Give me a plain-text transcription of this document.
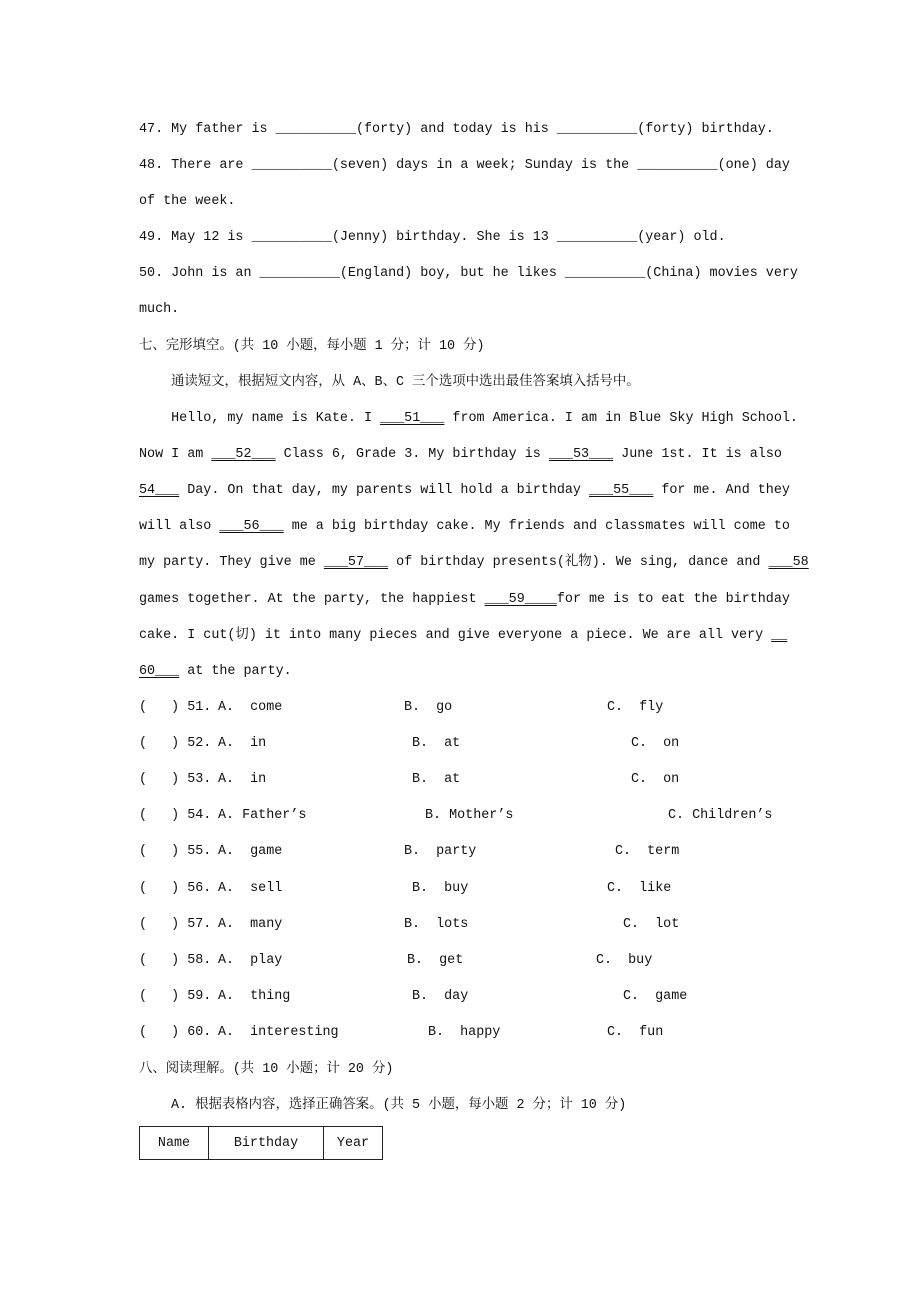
47. My father is __________(forty) and today is his __________(forty) birthday.
48. There are __________(seven) days in a week; Sunday is the __________(one) day
of the week.
49. May 12 is __________(Jenny) birthday. She is 13 __________(year) old.
50. John is an __________(England) boy, but he likes __________(China) movies very
much.
七、完形填空。(共 10 小题，每小题 1 分；计 10 分)
通读短文，根据短文内容，从 A、B、C 三个选项中选出最佳答案填入括号中。
Hello, my name is Kate. I ___51___ from America. I am in Blue Sky High School.
Now I am ___52___ Class 6, Grade 3. My birthday is ___53___ June 1st. It is also
54___ Day. On that day, my parents will hold a birthday ___55___ for me. And they
will also ___56___ me a big birthday cake. My friends and classmates will come to
my party. They give me ___57___ of birthday presents(礼物). We sing, dance and ___58
games together. At the party, the happiest ___59____for me is to eat the birthday
cake. I cut(切) it into many pieces and give everyone a piece. We are all very __
60___ at the party.
(   ) 51. A.  come	B.  go	C.  fly
(   ) 52. A.  in	B.  at	C.  on
(   ) 53. A.  in	B.  at	C.  on
(   ) 54. A. Father’s	B. Mother’s	C. Children’s
(   ) 55. A.  game	B.  party	C.  term
(   ) 56. A.  sell	B.  buy	C.  like
(   ) 57. A.  many	B.  lots	C.  lot
(   ) 58. A.  play	B.  get	C.  buy
(   ) 59. A.  thing	B.  day	C.  game
(   ) 60. A.  interesting	B.  happy	C.  fun
八、阅读理解。(共 10 小题；计 20 分)
A. 根据表格内容，选择正确答案。(共 5 小题，每小题 2 分；计 10 分)
Name	Birthday	Year
